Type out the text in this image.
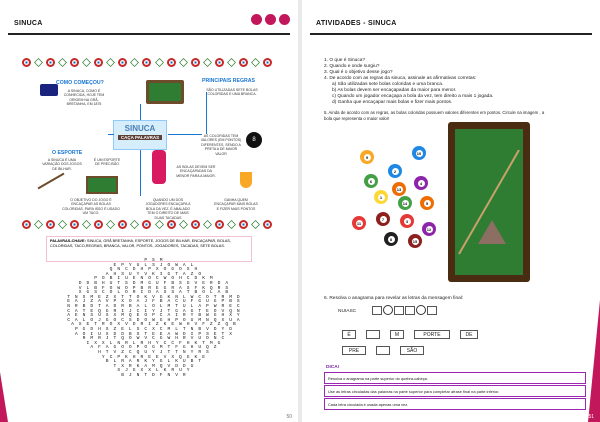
SINUCA
COMO COMEÇOU?
A SINUCA, COMO É CONHECIDA, HOJE TEM ORIGEM NA GRÃ-BRETANHA, EM 1875
PRINCIPAIS REGRAS
SÃO UTILIZADAS SETE BOLAS COLORIDAS E UMA BRANCA.
SINUCA
CAÇA PALAVRAS	8
AS COLORIDAS TEM VALORES (EM PONTOS) DIFERENTES, SENDO A PRETA A DE MAIOR VALOR
O ESPORTE
A SINUCA É UMA VARIAÇÃO DOS JOGOS DE BILHAR.
É UM ESPORTE DE PRECISÃO
AS BOLAS DEVEM SER ENCAÇAPADAS DA MENOR PARA A MAIOR.
O OBJETIVO DO JOGO É ENCAÇAPAR AS BOLAS COLORIDAS. PARA ISSO É USADO UM TACO.
QUANDO UM DOS JOGADORES ENCAÇAPA A BOLA DA VEZ, É ABALADO TEM O DIREITO DE MAIS DUAS TACADAS
GANHA QUEM ENCAÇAPAR MAIS BOLAS E FIZER MAIS PONTOS
PALAVRAS-CHAVE: SINUCA, GRÃ BRETANHA, ESPORTE, JOGOS DE BILHAR, ENCAÇAPAR, BOLAS, COLORIDAS, TACO,REGRAS, BRANCA, VALOR, PONTOS, JOGADORES, TACADAS, SETE BOLAS.
P S M
E P Y U L S J O W A L
Q N C D H P X O G O S H
A H S U Y V K I G T A Z O
P O B I U E N O C W O H C D K M
D D B H U T S D M G U F B S G V E R D A
V L B F O W O P B R E G R A S F K Q R S
X G S C O L O R I D A S S A T B O L A B
T N S M E Z X T T O K V G K N L W C O T R M D
E A J Z A V P X O A J F B A C U F G U G P B S
N R B D T A D R B A L O L M T U L A P W R E C
C A T E Q G R I J C I Y J T G A G T E O V Q N
A E N S U S X M Q E O P C A I R Y B W G H X Y
C A L O J G O C S D O W G H P O U M N Q X U A
A X E T R O X V D R I Z K E W H V F Z Z Q B
P G D H S Z E L S C X C M L T N B V D Y D
A O I U X D D B S T E E A W D I P S E T X
R M R J T Q O W V C G W H R V U O N C
I X X L N R L R H Y C C F H K T M G
A F A G O O P O G M T F G H U Q Z
H T V Z C Q U Y J T T N Y R S
Y C P K H R E E V X Q G K E
B L R A R K Y G L K U B T
T X R K A M Q V D D U
S J G X X L K R U Y
B J N T D F N V R
50
ATIVIDADES - SINUCA
1. O que é Sinuca?
2. Quando e onde surgiu?
3. Qual é o objetivo desse jogo?
4. De acordo com as regras da sinuca, assinale as afirmativas corretas:
a) São utilizadas sete bolas coloridas e uma branca.
b) As bolas devem ser encaçapadas da maior para menor.
c) Quando um jogador encaçapa a bola da vez, tem direito a mais 1 jogada.
d) Ganha que encaçapar mais bolas e fizer mais pontos.
5. Ainda de acordo com as regras, as bolas coloridas possuem valores diferentes em pontos. Circule na imagem , a
bola que representa o maior valor!
9
10
2
6
13
4
1
14	5
11
7	3
12
8	15
6. Resolva o anagrama para revelar as letras da mensagem final:
NUIASC
É	M	PORTE	DE
PRE	SÃO
DICA!
Resolva o anagrama na parte superior do quebra-cabeça.
Use as letras circuladas das palavras na parte superior para completar afrase final na parte inferior.
Cada letra circulada é usada apenas uma vez.
51
